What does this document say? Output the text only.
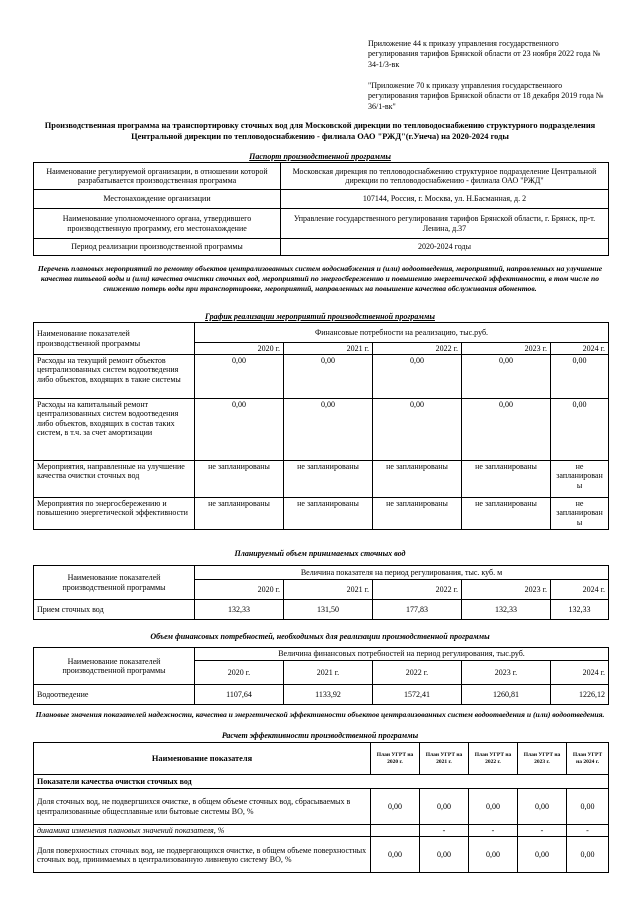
Приложение 44 к приказу управления государственного регулирования тарифов Брянской области от 23 ноября 2022 года № 34-1/3-вк
"Приложение 70 к приказу управления государственного регулирования тарифов Брянской области от 18 декабря 2019 года № 36/1-вк"
Производственная программа на транспортировку сточных вод для Московской дирекции по тепловодоснабжению структурного подразделения Центральной дирекции по тепловодоснабжению - филиала ОАО "РЖД"(г.Унеча) на 2020-2024 годы
Паспорт производственной программы
Наименование регулируемой организации, в отношении которой разрабатывается производственная программа	Московская дирекция по тепловодоснабжению структурное подразделение Центральной дирекции по тепловодоснабжению - филиала ОАО "РЖД"
Местонахождение организации	107144, Россия, г. Москва, ул. Н.Басманная, д. 2
Наименование уполномоченного органа, утвердившего производственную программу, его местонахождение	Управление государственного регулирования тарифов Брянской области, г. Брянск, пр-т. Ленина, д.37
Период реализации производственной программы	2020-2024 годы
Перечень плановых мероприятий по ремонту объектов централизованных систем водоснабжения и (или) водоотведения, мероприятий, направленных на улучшение качества питьевой воды и (или) качества очистки сточных вод, мероприятий по энергосбережению и повышению энергетической эффективности, в том числе по снижению потерь воды при транспортировке, мероприятий, направленных на повышение качества обслуживания абонентов.
График реализации мероприятий производственной программы
Наименование показателей производственной программы	Финансовые потребности на реализацию, тыс.руб.				
	2020 г.	2021 г.	2022 г.	2023 г.	2024 г.
Расходы на текущий ремонт объектов централизованных систем водоотведения либо объектов, входящих в такие системы	0,00	0,00	0,00	0,00	0,00
Расходы на капитальный ремонт централизованных систем водоотведения либо объектов, входящих в состав таких систем, в т.ч. за счет амортизации	0,00	0,00	0,00	0,00	0,00
Мероприятия, направленные на улучшение качества очистки сточных вод	не запланированы	не запланированы	не запланированы	не запланированы	не запланирован ы
Мероприятия по энергосбережению и повышению энергетической эффективности	не запланированы	не запланированы	не запланированы	не запланированы	не запланирован ы
Планируемый объем принимаемых сточных вод
Наименование показателей производственной программы	Величина показателя на период регулирования, тыс. куб. м				
	2020 г.	2021 г.	2022 г.	2023 г.	2024 г.
Прием сточных вод	132,33	131,50	177,83	132,33	132,33
Объем финансовых потребностей, необходимых для реализации производственной программы
Наименование показателей производственной программы	Величина финансовых потребностей на период регулирования, тыс.руб.				
	2020 г.	2021 г.	2022 г.	2023 г.	2024 г.
Водоотведение	1107,64	1133,92	1572,41	1260,81	1226,12
Плановые значения показателей надежности, качества и энергетической эффективности объектов централизованных систем водоотведения и (или) водоотведения.
Расчет эффективности производственной программы
Наименование показателя	План УГРТ на 2020 г.	План УГРТ на 2021 г.	План УГРТ на 2022 г.	План УГРТ на 2023 г.	План УГРТ на 2024 г.
Показатели качества очистки сточных вод					
Доля сточных вод, не подвергшихся очистке, в общем объеме сточных вод, сбрасываемых в централизованные общесплавные или бытовые системы ВО, %	0,00	0,00	0,00	0,00	0,00
динамика изменения плановых значений показателя, %		-	-	-	-
Доля поверхностных сточных вод, не подвергающихся очистке, в общем объеме поверхностных сточных вод, принимаемых в централизованную ливневую систему ВО, %	0,00	0,00	0,00	0,00	0,00
